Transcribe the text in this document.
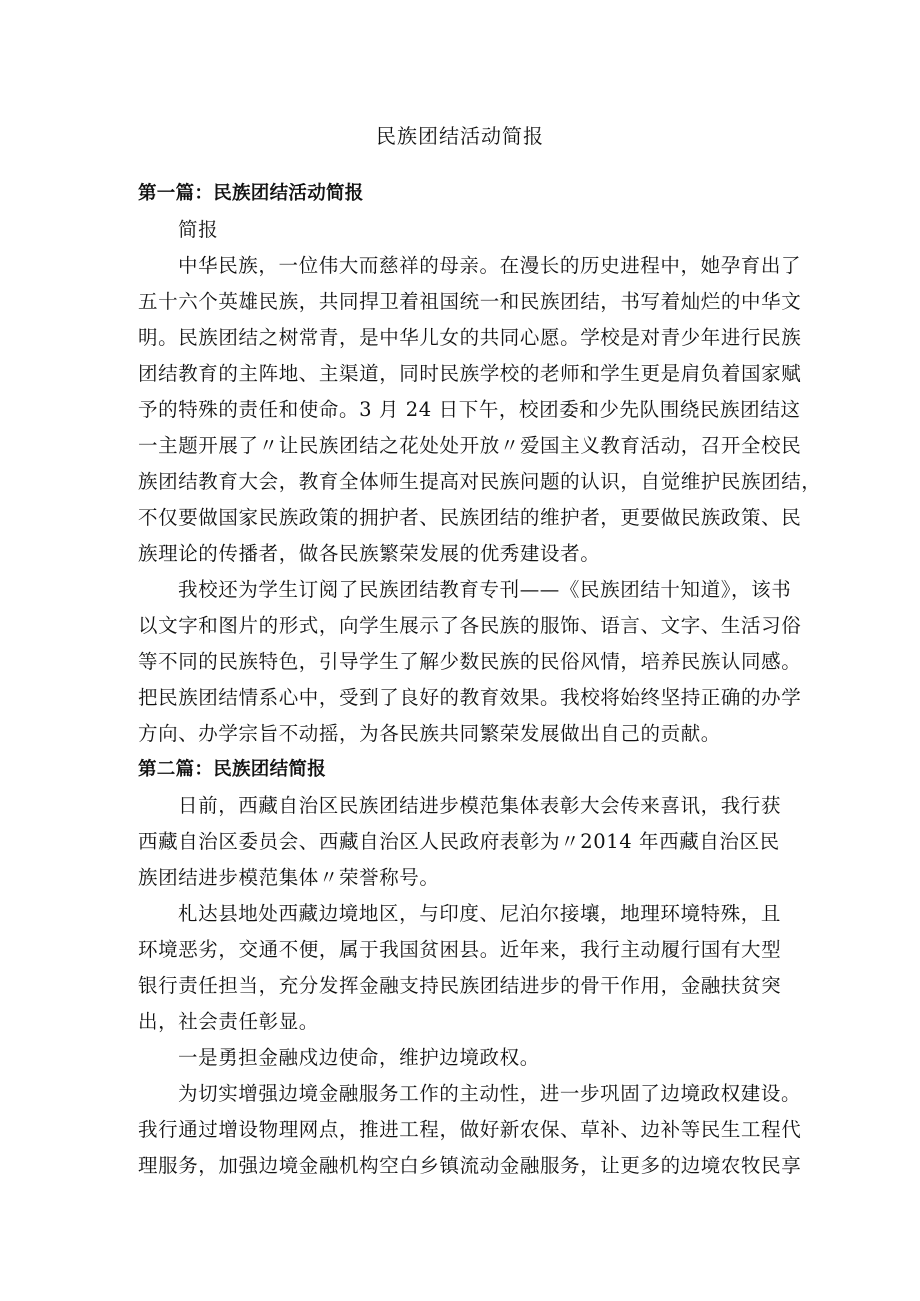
民族团结活动简报
第一篇：民族团结活动简报
简报
中华民族，一位伟大而慈祥的母亲。在漫长的历史进程中，她孕育出了
五十六个英雄民族，共同捍卫着祖国统一和民族团结，书写着灿烂的中华文
明。民族团结之树常青，是中华儿女的共同心愿。学校是对青少年进行民族
团结教育的主阵地、主渠道，同时民族学校的老师和学生更是肩负着国家赋
予的特殊的责任和使命。3 月 24 日下午，校团委和少先队围绕民族团结这
一主题开展了〃让民族团结之花处处开放〃爱国主义教育活动，召开全校民
族团结教育大会，教育全体师生提高对民族问题的认识，自觉维护民族团结，
不仅要做国家民族政策的拥护者、民族团结的维护者，更要做民族政策、民
族理论的传播者，做各民族繁荣发展的优秀建设者。
我校还为学生订阅了民族团结教育专刊——《民族团结十知道》，该书
以文字和图片的形式，向学生展示了各民族的服饰、语言、文字、生活习俗
等不同的民族特色，引导学生了解少数民族的民俗风情，培养民族认同感。
把民族团结情系心中，受到了良好的教育效果。我校将始终坚持正确的办学
方向、办学宗旨不动摇，为各民族共同繁荣发展做出自己的贡献。
第二篇：民族团结简报
日前，西藏自治区民族团结进步模范集体表彰大会传来喜讯，我行获
西藏自治区委员会、西藏自治区人民政府表彰为〃2014 年西藏自治区民
族团结进步模范集体〃荣誉称号。
札达县地处西藏边境地区，与印度、尼泊尔接壤，地理环境特殊，且
环境恶劣，交通不便，属于我国贫困县。近年来，我行主动履行国有大型
银行责任担当，充分发挥金融支持民族团结进步的骨干作用，金融扶贫突
出，社会责任彰显。
一是勇担金融戍边使命，维护边境政权。
为切实增强边境金融服务工作的主动性，进一步巩固了边境政权建设。
我行通过增设物理网点，推进工程，做好新农保、草补、边补等民生工程代
理服务，加强边境金融机构空白乡镇流动金融服务，让更多的边境农牧民享
